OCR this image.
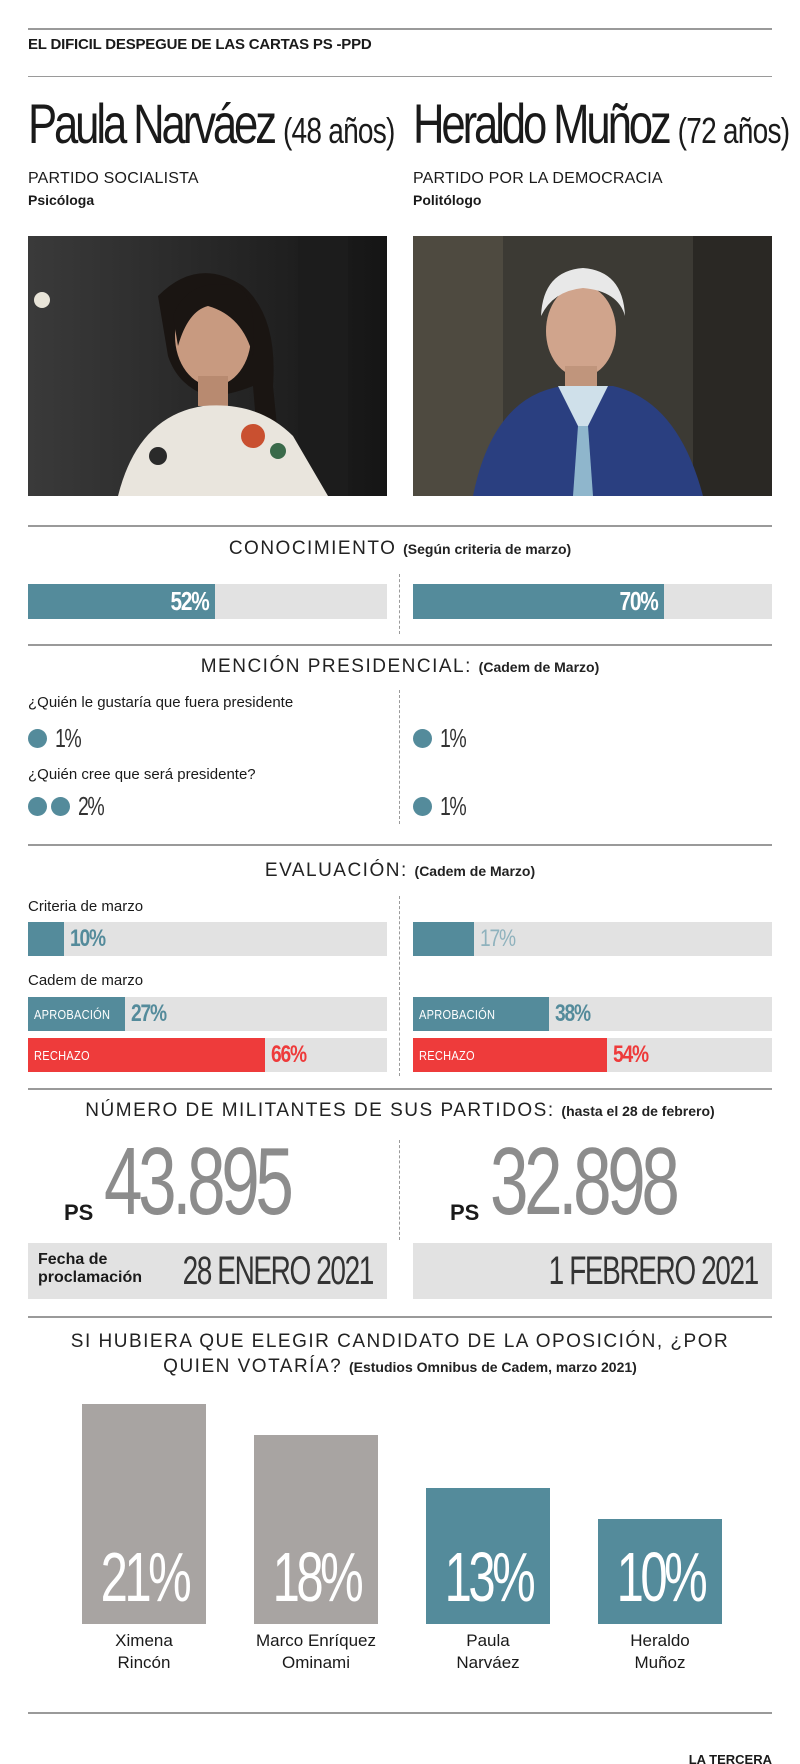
EL DIFICIL DESPEGUE DE LAS CARTAS PS -PPD
Paula Narváez (48 años)
PARTIDO SOCIALISTA
Psicóloga
Heraldo Muñoz (72 años)
PARTIDO POR LA DEMOCRACIA
Politólogo
CONOCIMIENTO (Según criteria de marzo)
52%	70%
MENCIÓN PRESIDENCIAL: (Cadem de Marzo)
¿Quién le gustaría que fuera presidente
1%	1%
¿Quién cree que será presidente?
2%	1%
EVALUACIÓN: (Cadem de Marzo)
Criteria de marzo
10%	17%
Cadem de marzo
APROBACIÓN 27%	APROBACIÓN 38%
RECHAZO	66%	RECHAZO	54%
NÚMERO DE MILITANTES DE SUS PARTIDOS: (hasta el 28 de febrero)
PS 43.895	PS 32.898
Fecha de
proclamación 28 ENERO 2021	1 FEBRERO 2021
SI HUBIERA QUE ELEGIR CANDIDATO DE LA OPOSICIÓN, ¿POR
QUIEN VOTARÍA? (Estudios Omnibus de Cadem, marzo 2021)
21%
Ximena
Rincón
18%
Marco Enríquez
Ominami
13%
Paula
Narváez
10%
Heraldo
Muñoz
LA TERCERA
